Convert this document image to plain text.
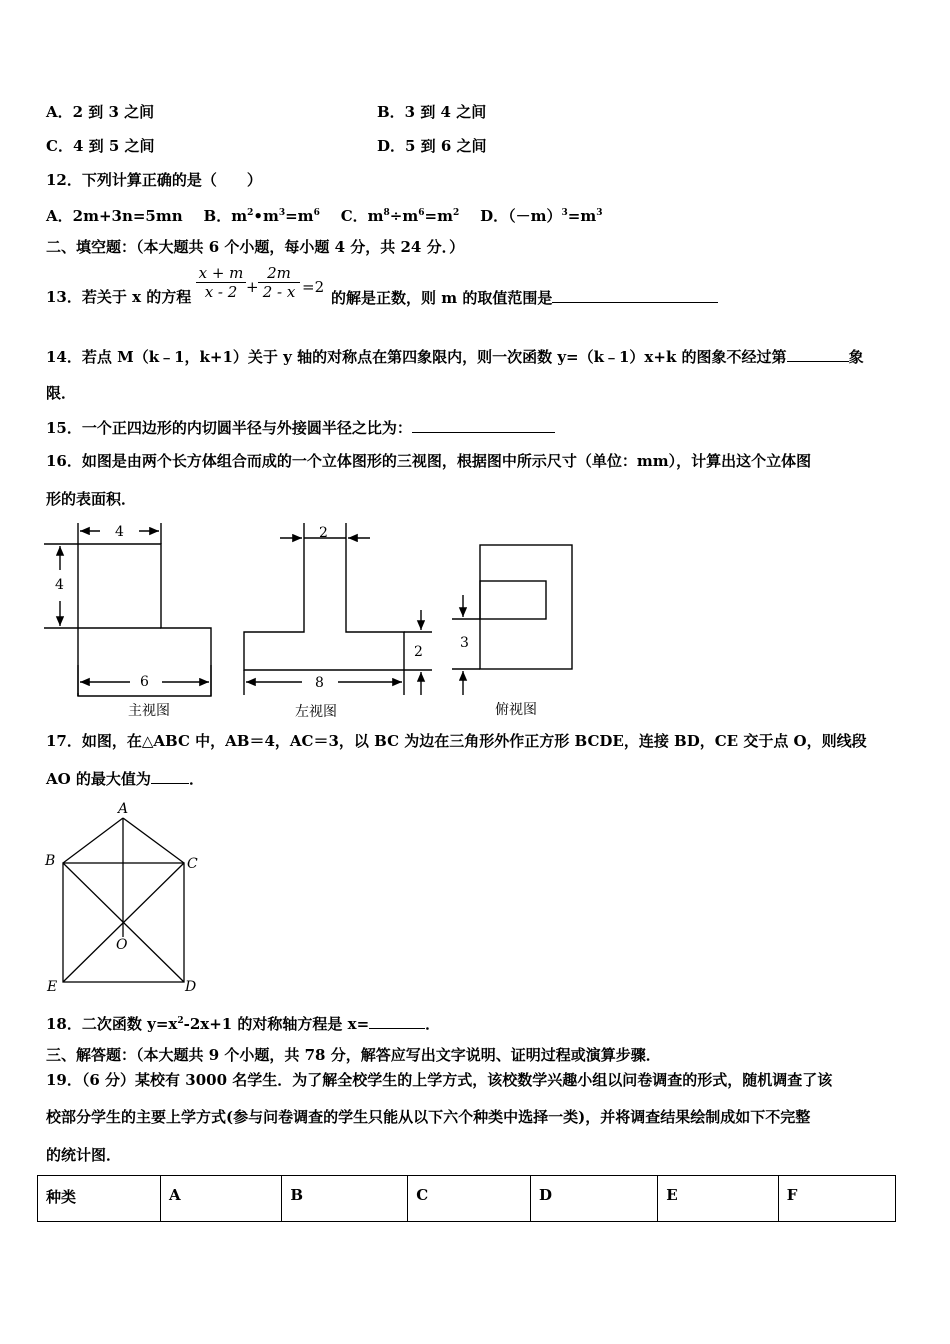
A．2 到 3 之间	B．3 到 4 之间
C．4 到 5 之间	D．5 到 6 之间
12．下列计算正确的是（　　）
A．2m+3n=5mn B．$m^2•m^3=m^6$ C．$m^8\div m^6=m^2$ D．$(-m)^3=m^3$
二、填空题：（本大题共 6 个小题，每小题 4 分，共 24 分．）
13．若关于 x 的方程 $\frac{x + m}{x - 2} + \frac{2m}{2 - x} =2$
的解是正数，则 m 的取值范围是
14．若点 M（k﹣1，k+1）关于 y 轴的对称点在第四象限内，则一次函数 y=（k﹣1）x+k 的图象不经过第	象
限．
15．一个正四边形的内切圆半径与外接圆半径之比为：
16．如图是由两个长方体组合而成的一个立体图形的三视图，根据图中所示尺寸（单位：mm），计算出这个立体图
形的表面积．
4
4
6
主视图
2
2
8
左视图
3
俯视图
17．如图，在△ABC 中，AB＝4，AC＝3，以 BC 为边在三角形外作正方形 BCDE，连接 BD，CE 交于点 O，则线段
AO 的最大值为	．
A
B	C
D
E
O
18．二次函数 $y=x^2-2x+1$ 的对称轴方程是 x=	．
三、解答题：（本大题共 9 个小题，共 78 分，解答应写出文字说明、证明过程或演算步骤．
19．（6 分）某校有 3000 名学生．为了解全校学生的上学方式，该校数学兴趣小组以问卷调查的形式，随机调查了该
校部分学生的主要上学方式(参与问卷调查的学生只能从以下六个种类中选择一类)，并将调查结果绘制成如下不完整
的统计图．
种类	A	B	C	D	E	F
